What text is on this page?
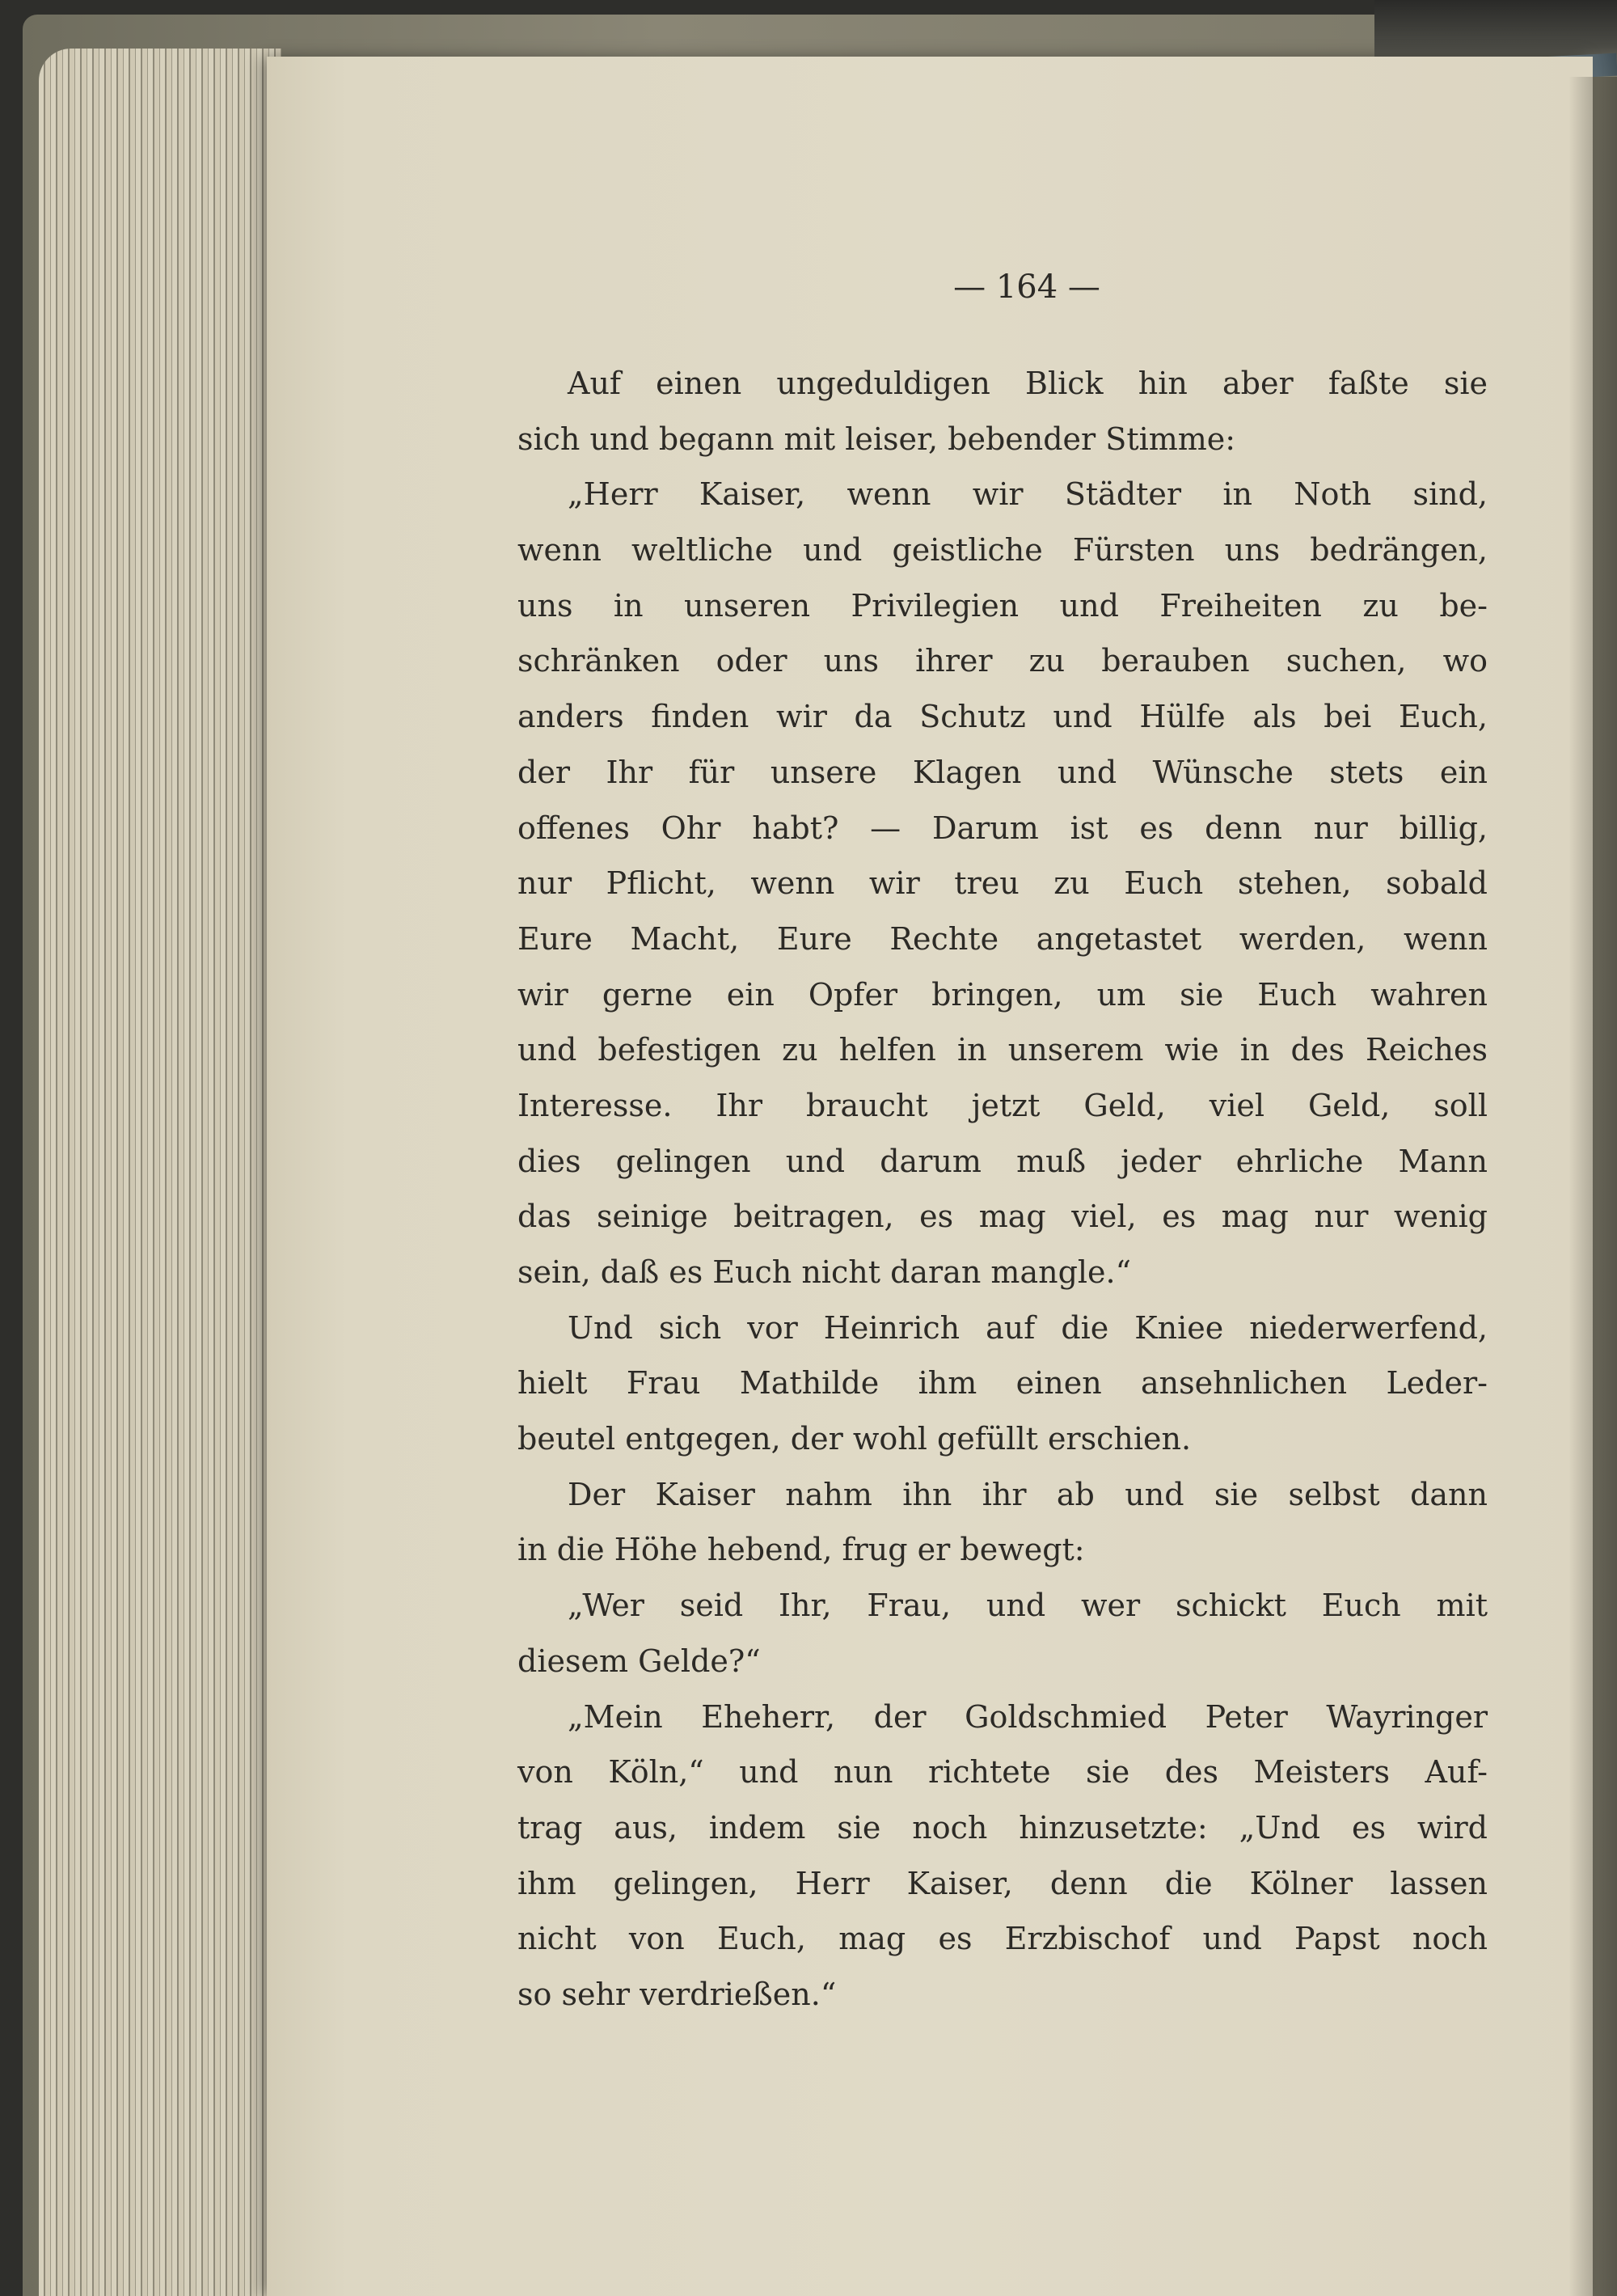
— 164 —
Auf einen ungeduldigen Blick hin aber faßte sie
sich und begann mit leiser, bebender Stimme:
„Herr Kaiser, wenn wir Städter in Noth sind,
wenn weltliche und geistliche Fürsten uns bedrängen,
uns in unseren Privilegien und Freiheiten zu be-
schränken oder uns ihrer zu berauben suchen, wo
anders finden wir da Schutz und Hülfe als bei Euch,
der Ihr für unsere Klagen und Wünsche stets ein
offenes Ohr habt? — Darum ist es denn nur billig,
nur Pflicht, wenn wir treu zu Euch stehen, sobald
Eure Macht, Eure Rechte angetastet werden, wenn
wir gerne ein Opfer bringen, um sie Euch wahren
und befestigen zu helfen in unserem wie in des Reiches
Interesse. Ihr braucht jetzt Geld, viel Geld, soll
dies gelingen und darum muß jeder ehrliche Mann
das seinige beitragen, es mag viel, es mag nur wenig
sein, daß es Euch nicht daran mangle.“
Und sich vor Heinrich auf die Kniee niederwerfend,
hielt Frau Mathilde ihm einen ansehnlichen Leder-
beutel entgegen, der wohl gefüllt erschien.
Der Kaiser nahm ihn ihr ab und sie selbst dann
in die Höhe hebend, frug er bewegt:
„Wer seid Ihr, Frau, und wer schickt Euch mit
diesem Gelde?“
„Mein Eheherr, der Goldschmied Peter Wayringer
von Köln,“ und nun richtete sie des Meisters Auf-
trag aus, indem sie noch hinzusetzte: „Und es wird
ihm gelingen, Herr Kaiser, denn die Kölner lassen
nicht von Euch, mag es Erzbischof und Papst noch
so sehr verdrießen.“
